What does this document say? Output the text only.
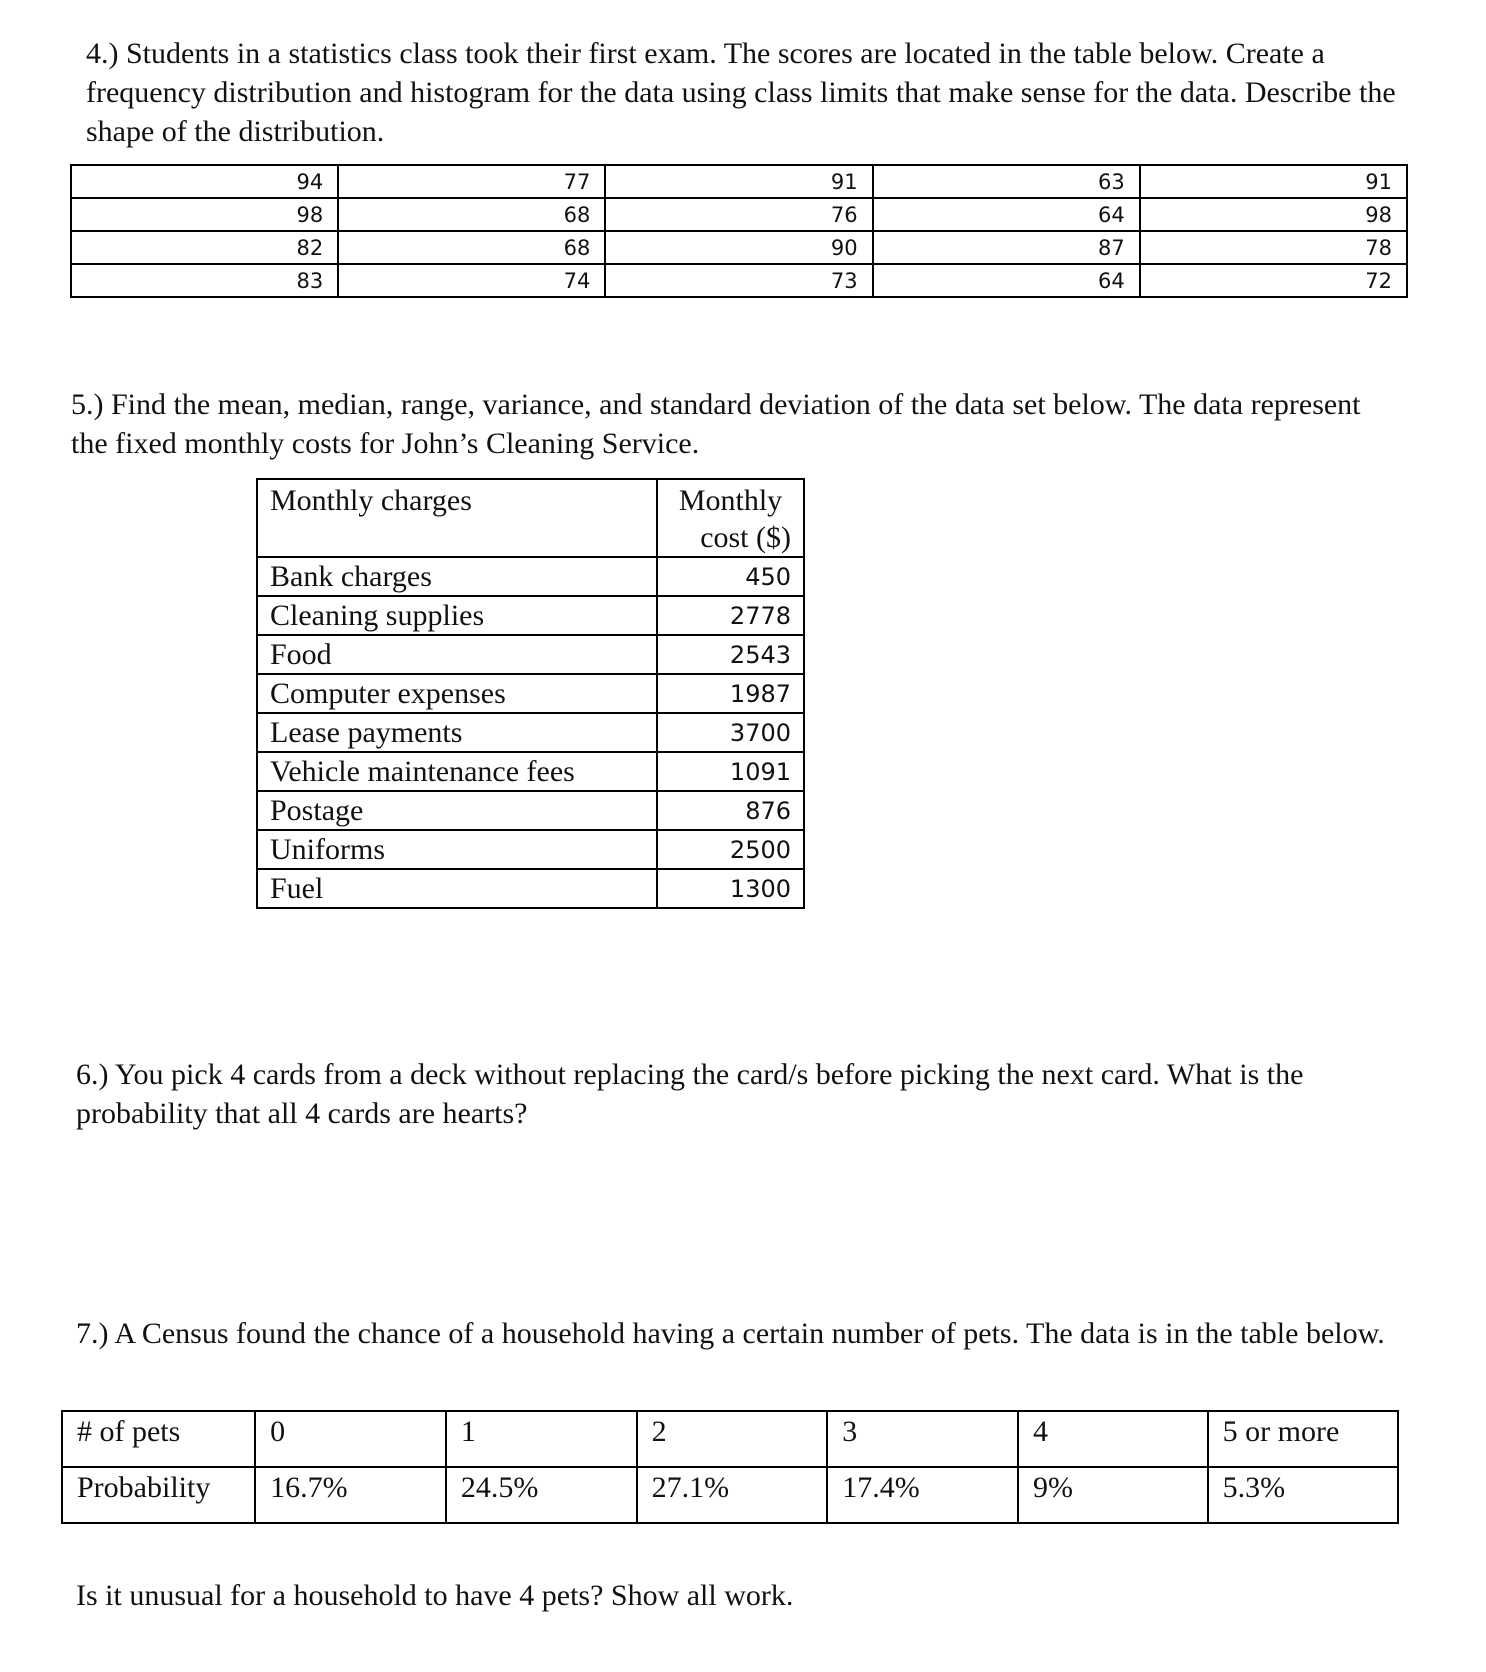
4.) Students in a statistics class took their first exam. The scores are located in the table below. Create a frequency distribution and histogram for the data using class limits that make sense for the data. Describe the shape of the distribution.

94	77	91	63	91
98	68	76	64	98
82	68	90	87	78
83	74	73	64	72

5.) Find the mean, median, range, variance, and standard deviation of the data set below. The data represent the fixed monthly costs for John’s Cleaning Service.

Monthly charges	Monthly
cost ($)

Bank charges	450
Cleaning supplies	2778
Food	2543
Computer expenses	1987
Lease payments	3700
Vehicle maintenance fees	1091
Postage	876
Uniforms	2500
Fuel	1300

6.) You pick 4 cards from a deck without replacing the card/s before picking the next card. What is the probability that all 4 cards are hearts?

7.) A Census found the chance of a household having a certain number of pets. The data is in the table below.

# of pets	0	1	2	3	4	5 or more
Probability	16.7%	24.5%	27.1%	17.4%	9%	5.3%

Is it unusual for a household to have 4 pets? Show all work.
